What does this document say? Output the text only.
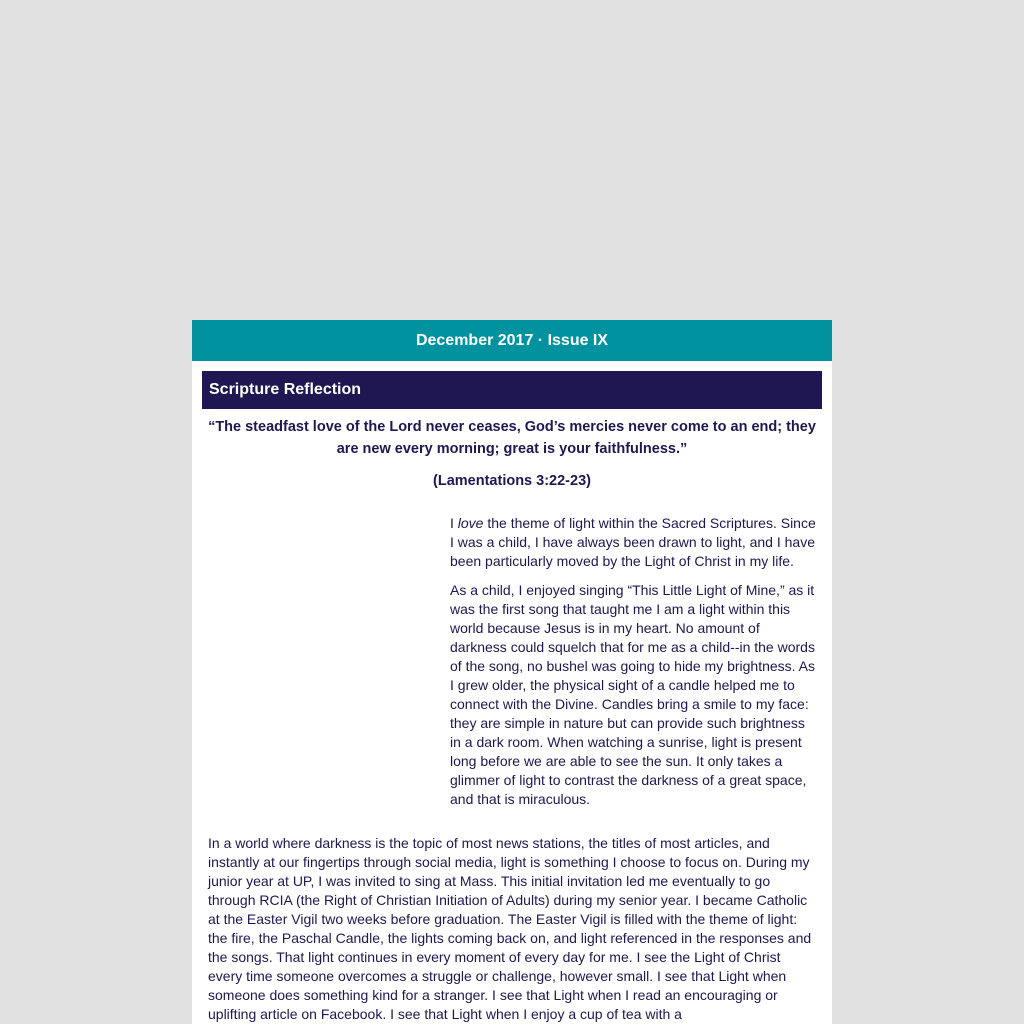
December 2017 · Issue IX
Scripture Reflection
“The steadfast love of the Lord never ceases, God’s mercies never come to an end; they are new every morning; great is your faithfulness.”
(Lamentations 3:22-23)

I love the theme of light within the Sacred Scriptures. Since I was a child, I have always been drawn to light, and I have been particularly moved by the Light of Christ in my life.

As a child, I enjoyed singing “This Little Light of Mine,” as it was the first song that taught me I am a light within this world because Jesus is in my heart. No amount of darkness could squelch that for me as a child--in the words of the song, no bushel was going to hide my brightness. As I grew older, the physical sight of a candle helped me to connect with the Divine. Candles bring a smile to my face: they are simple in nature but can provide such brightness in a dark room. When watching a sunrise, light is present long before we are able to see the sun. It only takes a glimmer of light to contrast the darkness of a great space, and that is miraculous.

In a world where darkness is the topic of most news stations, the titles of most articles, and instantly at our fingertips through social media, light is something I choose to focus on. During my junior year at UP, I was invited to sing at Mass. This initial invitation led me eventually to go through RCIA (the Right of Christian Initiation of Adults) during my senior year. I became Catholic at the Easter Vigil two weeks before graduation. The Easter Vigil is filled with the theme of light: the fire, the Paschal Candle, the lights coming back on, and light referenced in the responses and the songs. That light continues in every moment of every day for me. I see the Light of Christ every time someone overcomes a struggle or challenge, however small. I see that Light when someone does something kind for a stranger. I see that Light when I read an encouraging or uplifting article on Facebook. I see that Light when I enjoy a cup of tea with a
